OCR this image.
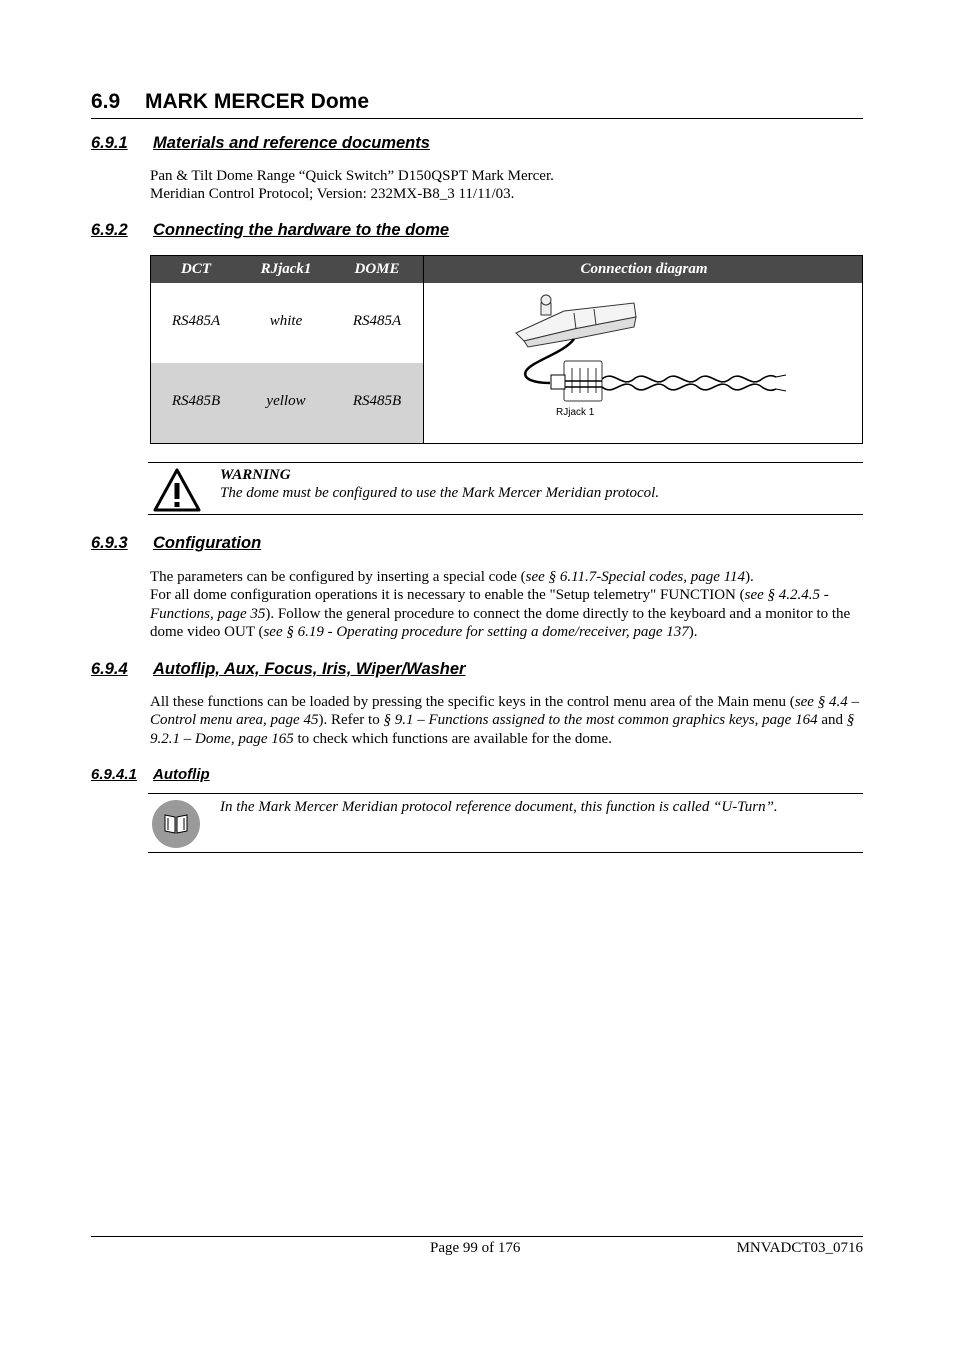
6.9 MARK MERCER Dome
6.9.1 Materials and reference documents
Pan & Tilt Dome Range “Quick Switch” D150QSPT Mark Mercer.
Meridian Control Protocol; Version: 232MX-B8_3 11/11/03.
6.9.2 Connecting the hardware to the dome
DCT	RJjack1	DOME	Connection diagram
RS485A	white	RS485A
RS485B	yellow	RS485B
RJjack 1
WARNING
The dome must be configured to use the Mark Mercer Meridian protocol.
6.9.3 Configuration
The parameters can be configured by inserting a special code (see § 6.11.7-Special codes, page 114).
For all dome configuration operations it is necessary to enable the "Setup telemetry" FUNCTION (see § 4.2.4.5 - Functions, page 35). Follow the general procedure to connect the dome directly to the keyboard and a monitor to the dome video OUT (see § 6.19 - Operating procedure for setting a dome/receiver, page 137).
6.9.4 Autoflip, Aux, Focus, Iris, Wiper/Washer
All these functions can be loaded by pressing the specific keys in the control menu area of the Main menu (see § 4.4 – Control menu area, page 45). Refer to § 9.1 – Functions assigned to the most common graphics keys, page 164 and § 9.2.1 – Dome, page 165 to check which functions are available for the dome.
6.9.4.1 Autoflip
In the Mark Mercer Meridian protocol reference document, this function is called “U-Turn”.
Page 99 of 176	MNVADCT03_0716
